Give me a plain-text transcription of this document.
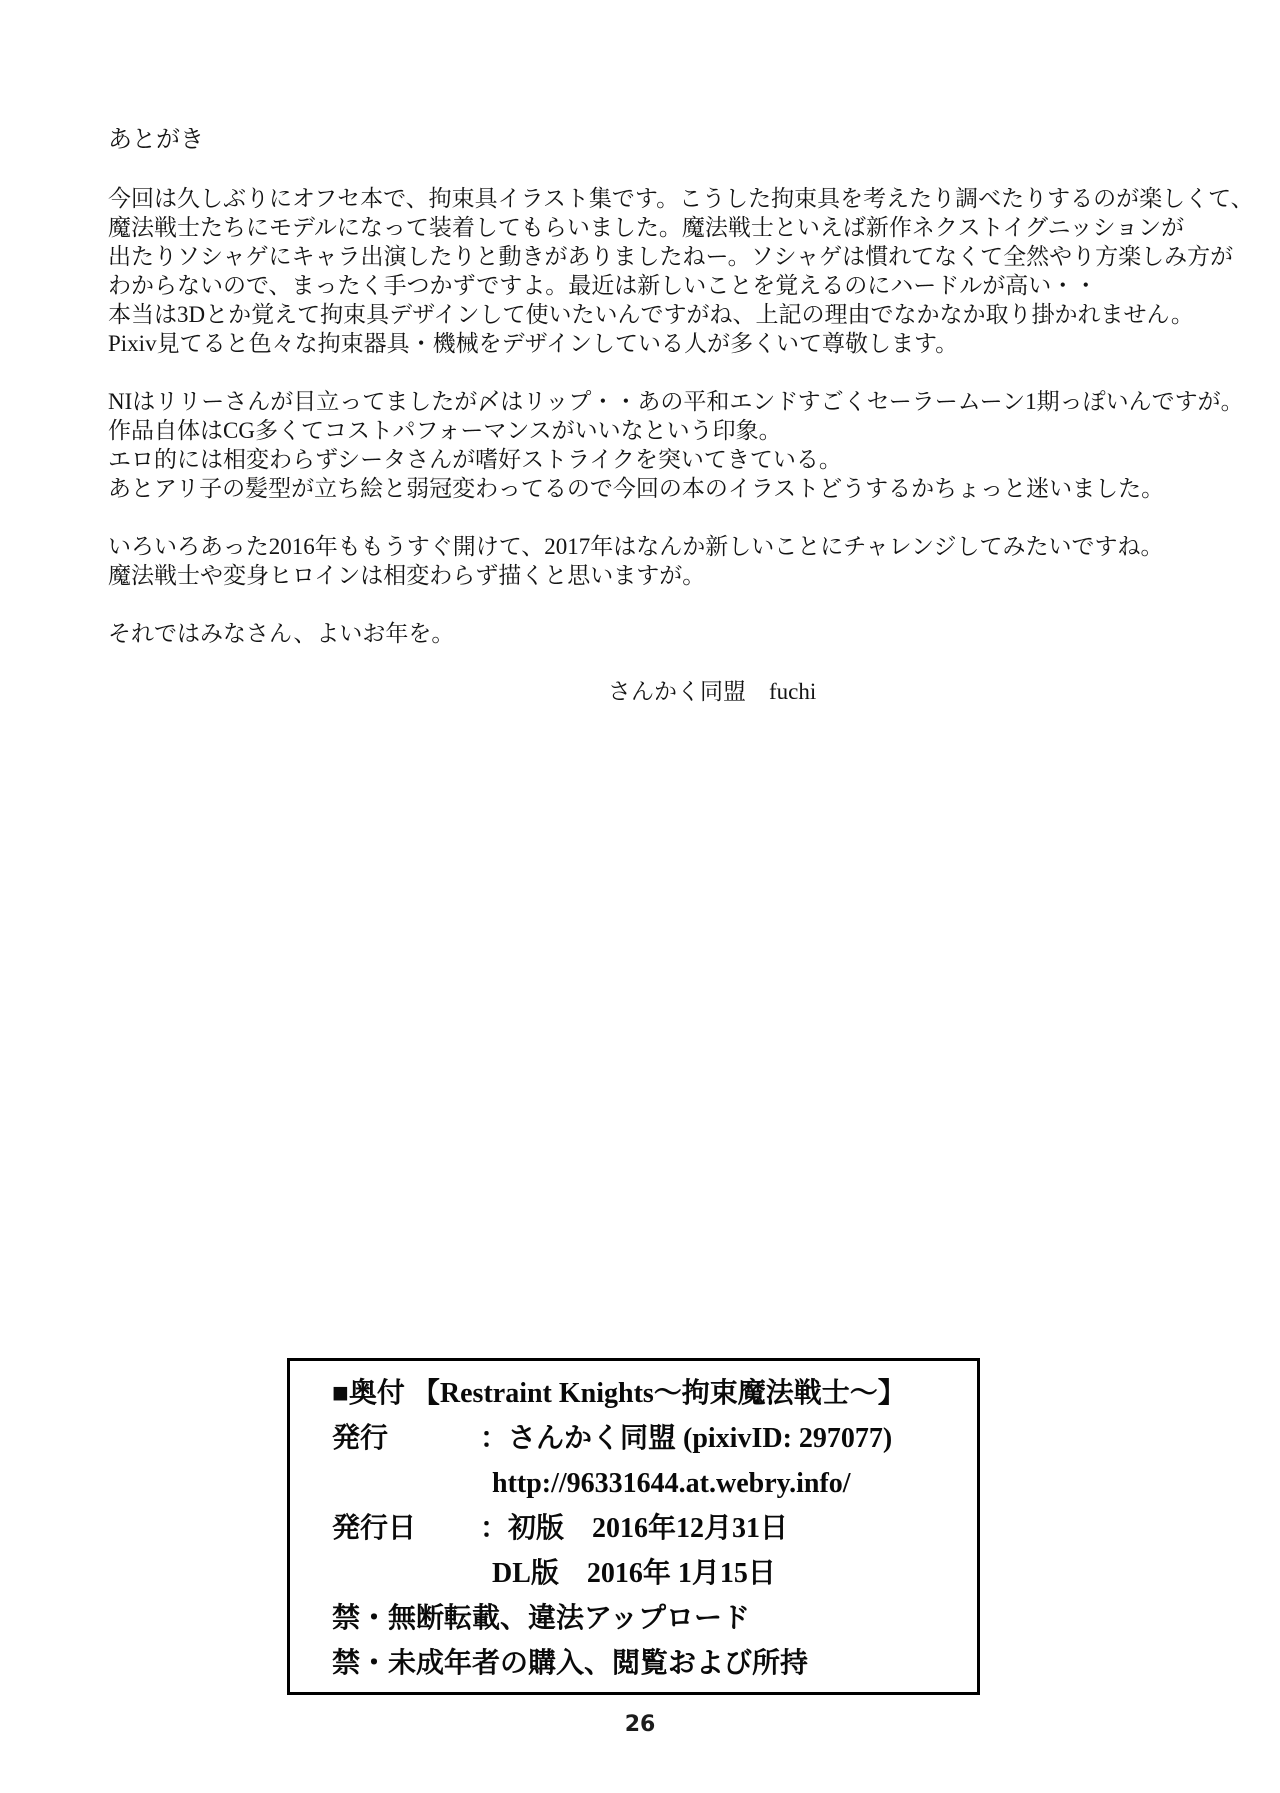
あとがき
今回は久しぶりにオフセ本で、拘束具イラスト集です。こうした拘束具を考えたり調べたりするのが楽しくて、
魔法戦士たちにモデルになって装着してもらいました。魔法戦士といえば新作ネクストイグニッションが
出たりソシャゲにキャラ出演したりと動きがありましたねー。ソシャゲは慣れてなくて全然やり方楽しみ方が
わからないので、まったく手つかずですよ。最近は新しいことを覚えるのにハードルが高い・・
本当は3Dとか覚えて拘束具デザインして使いたいんですがね、上記の理由でなかなか取り掛かれません。
Pixiv見てると色々な拘束器具・機械をデザインしている人が多くいて尊敬します。
NIはリリーさんが目立ってましたが〆はリップ・・あの平和エンドすごくセーラームーン1期っぽいんですが。
作品自体はCG多くてコストパフォーマンスがいいなという印象。
エロ的には相変わらずシータさんが嗜好ストライクを突いてきている。
あとアリ子の髪型が立ち絵と弱冠変わってるので今回の本のイラストどうするかちょっと迷いました。
いろいろあった2016年ももうすぐ開けて、2017年はなんか新しいことにチャレンジしてみたいですね。
魔法戦士や変身ヒロインは相変わらず描くと思いますが。
それではみなさん、よいお年を。
さんかく同盟　fuchi
■奥付 【Restraint Knights～拘束魔法戦士～】
発行	：さんかく同盟 (pixivID: 297077)
http://96331644.at.webry.info/
発行日	：初版　2016年12月31日
DL版　2016年 1月15日
禁・無断転載、違法アップロード
禁・未成年者の購入、閲覧および所持
26
